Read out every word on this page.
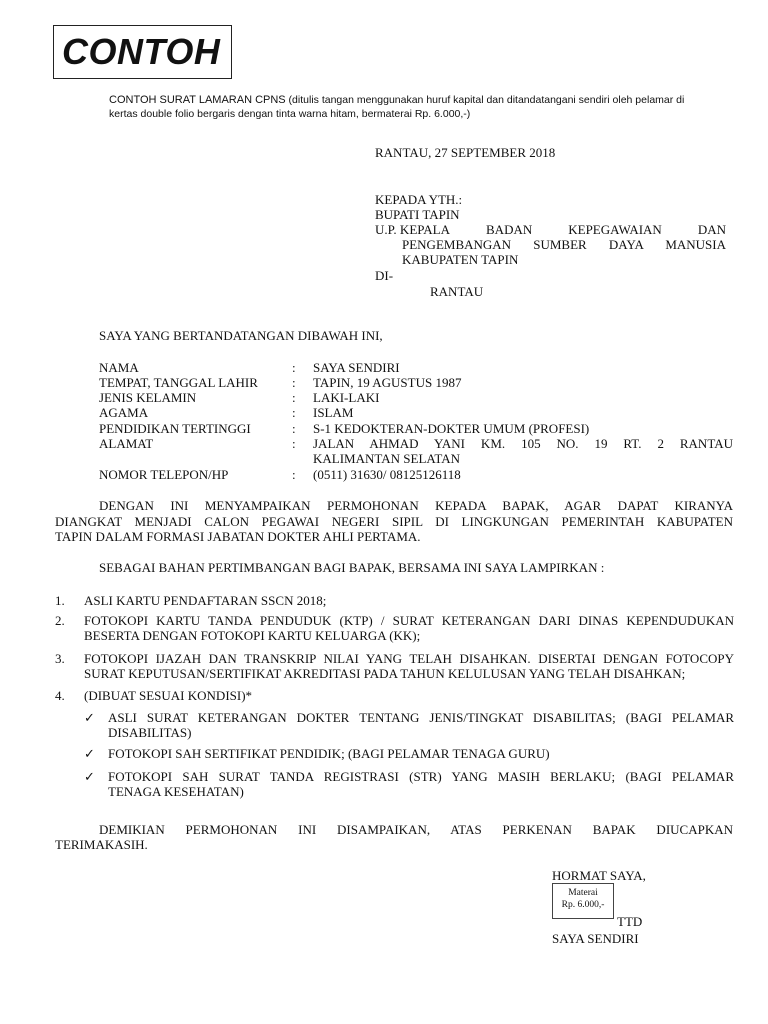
CONTOH
CONTOH SURAT LAMARAN CPNS (ditulis tangan menggunakan huruf kapital dan ditandatangani sendiri oleh pelamar di
kertas double folio bergaris dengan tinta warna hitam, bermaterai Rp. 6.000,-)
RANTAU, 27 SEPTEMBER 2018
KEPADA YTH.:
BUPATI TAPIN
U.P. KEPALA	BADAN	KEPEGAWAIAN	DAN
PENGEMBANGAN SUMBER DAYA MANUSIA
KABUPATEN TAPIN
DI-
RANTAU
SAYA YANG BERTANDATANGAN DIBAWAH INI,
NAMA	: SAYA SENDIRI
TEMPAT, TANGGAL LAHIR	: TAPIN, 19 AGUSTUS 1987
JENIS KELAMIN	: LAKI-LAKI
AGAMA	: ISLAM
PENDIDIKAN TERTINGGI	: S-1 KEDOKTERAN-DOKTER UMUM (PROFESI)
ALAMAT	: JALAN AHMAD YANI KM. 105 NO. 19 RT. 2 RANTAU
KALIMANTAN SELATAN
NOMOR TELEPON/HP	: (0511) 31630/ 08125126118
DENGAN INI MENYAMPAIKAN PERMOHONAN KEPADA BAPAK, AGAR DAPAT KIRANYA
DIANGKAT MENJADI CALON PEGAWAI NEGERI SIPIL DI LINGKUNGAN PEMERINTAH KABUPATEN
TAPIN DALAM FORMASI JABATAN DOKTER AHLI PERTAMA.
SEBAGAI BAHAN PERTIMBANGAN BAGI BAPAK, BERSAMA INI SAYA LAMPIRKAN :
1. ASLI KARTU PENDAFTARAN SSCN 2018;
2. FOTOKOPI KARTU TANDA PENDUDUK (KTP) / SURAT KETERANGAN DARI DINAS KEPENDUDUKAN
BESERTA DENGAN FOTOKOPI KARTU KELUARGA (KK);
3. FOTOKOPI IJAZAH DAN TRANSKRIP NILAI YANG TELAH DISAHKAN. DISERTAI DENGAN FOTOCOPY
SURAT KEPUTUSAN/SERTIFIKAT AKREDITASI PADA TAHUN KELULUSAN YANG TELAH DISAHKAN;
4. (DIBUAT SESUAI KONDISI)*
✓ ASLI SURAT KETERANGAN DOKTER TENTANG JENIS/TINGKAT DISABILITAS; (BAGI PELAMAR
DISABILITAS)
✓ FOTOKOPI SAH SERTIFIKAT PENDIDIK; (BAGI PELAMAR TENAGA GURU)
✓ FOTOKOPI SAH SURAT TANDA REGISTRASI (STR) YANG MASIH BERLAKU; (BAGI PELAMAR
TENAGA KESEHATAN)
DEMIKIAN PERMOHONAN INI DISAMPAIKAN, ATAS PERKENAN BAPAK DIUCAPKAN
TERIMAKASIH.
HORMAT SAYA,
Materai
Rp. 6.000,-
TTD
SAYA SENDIRI
